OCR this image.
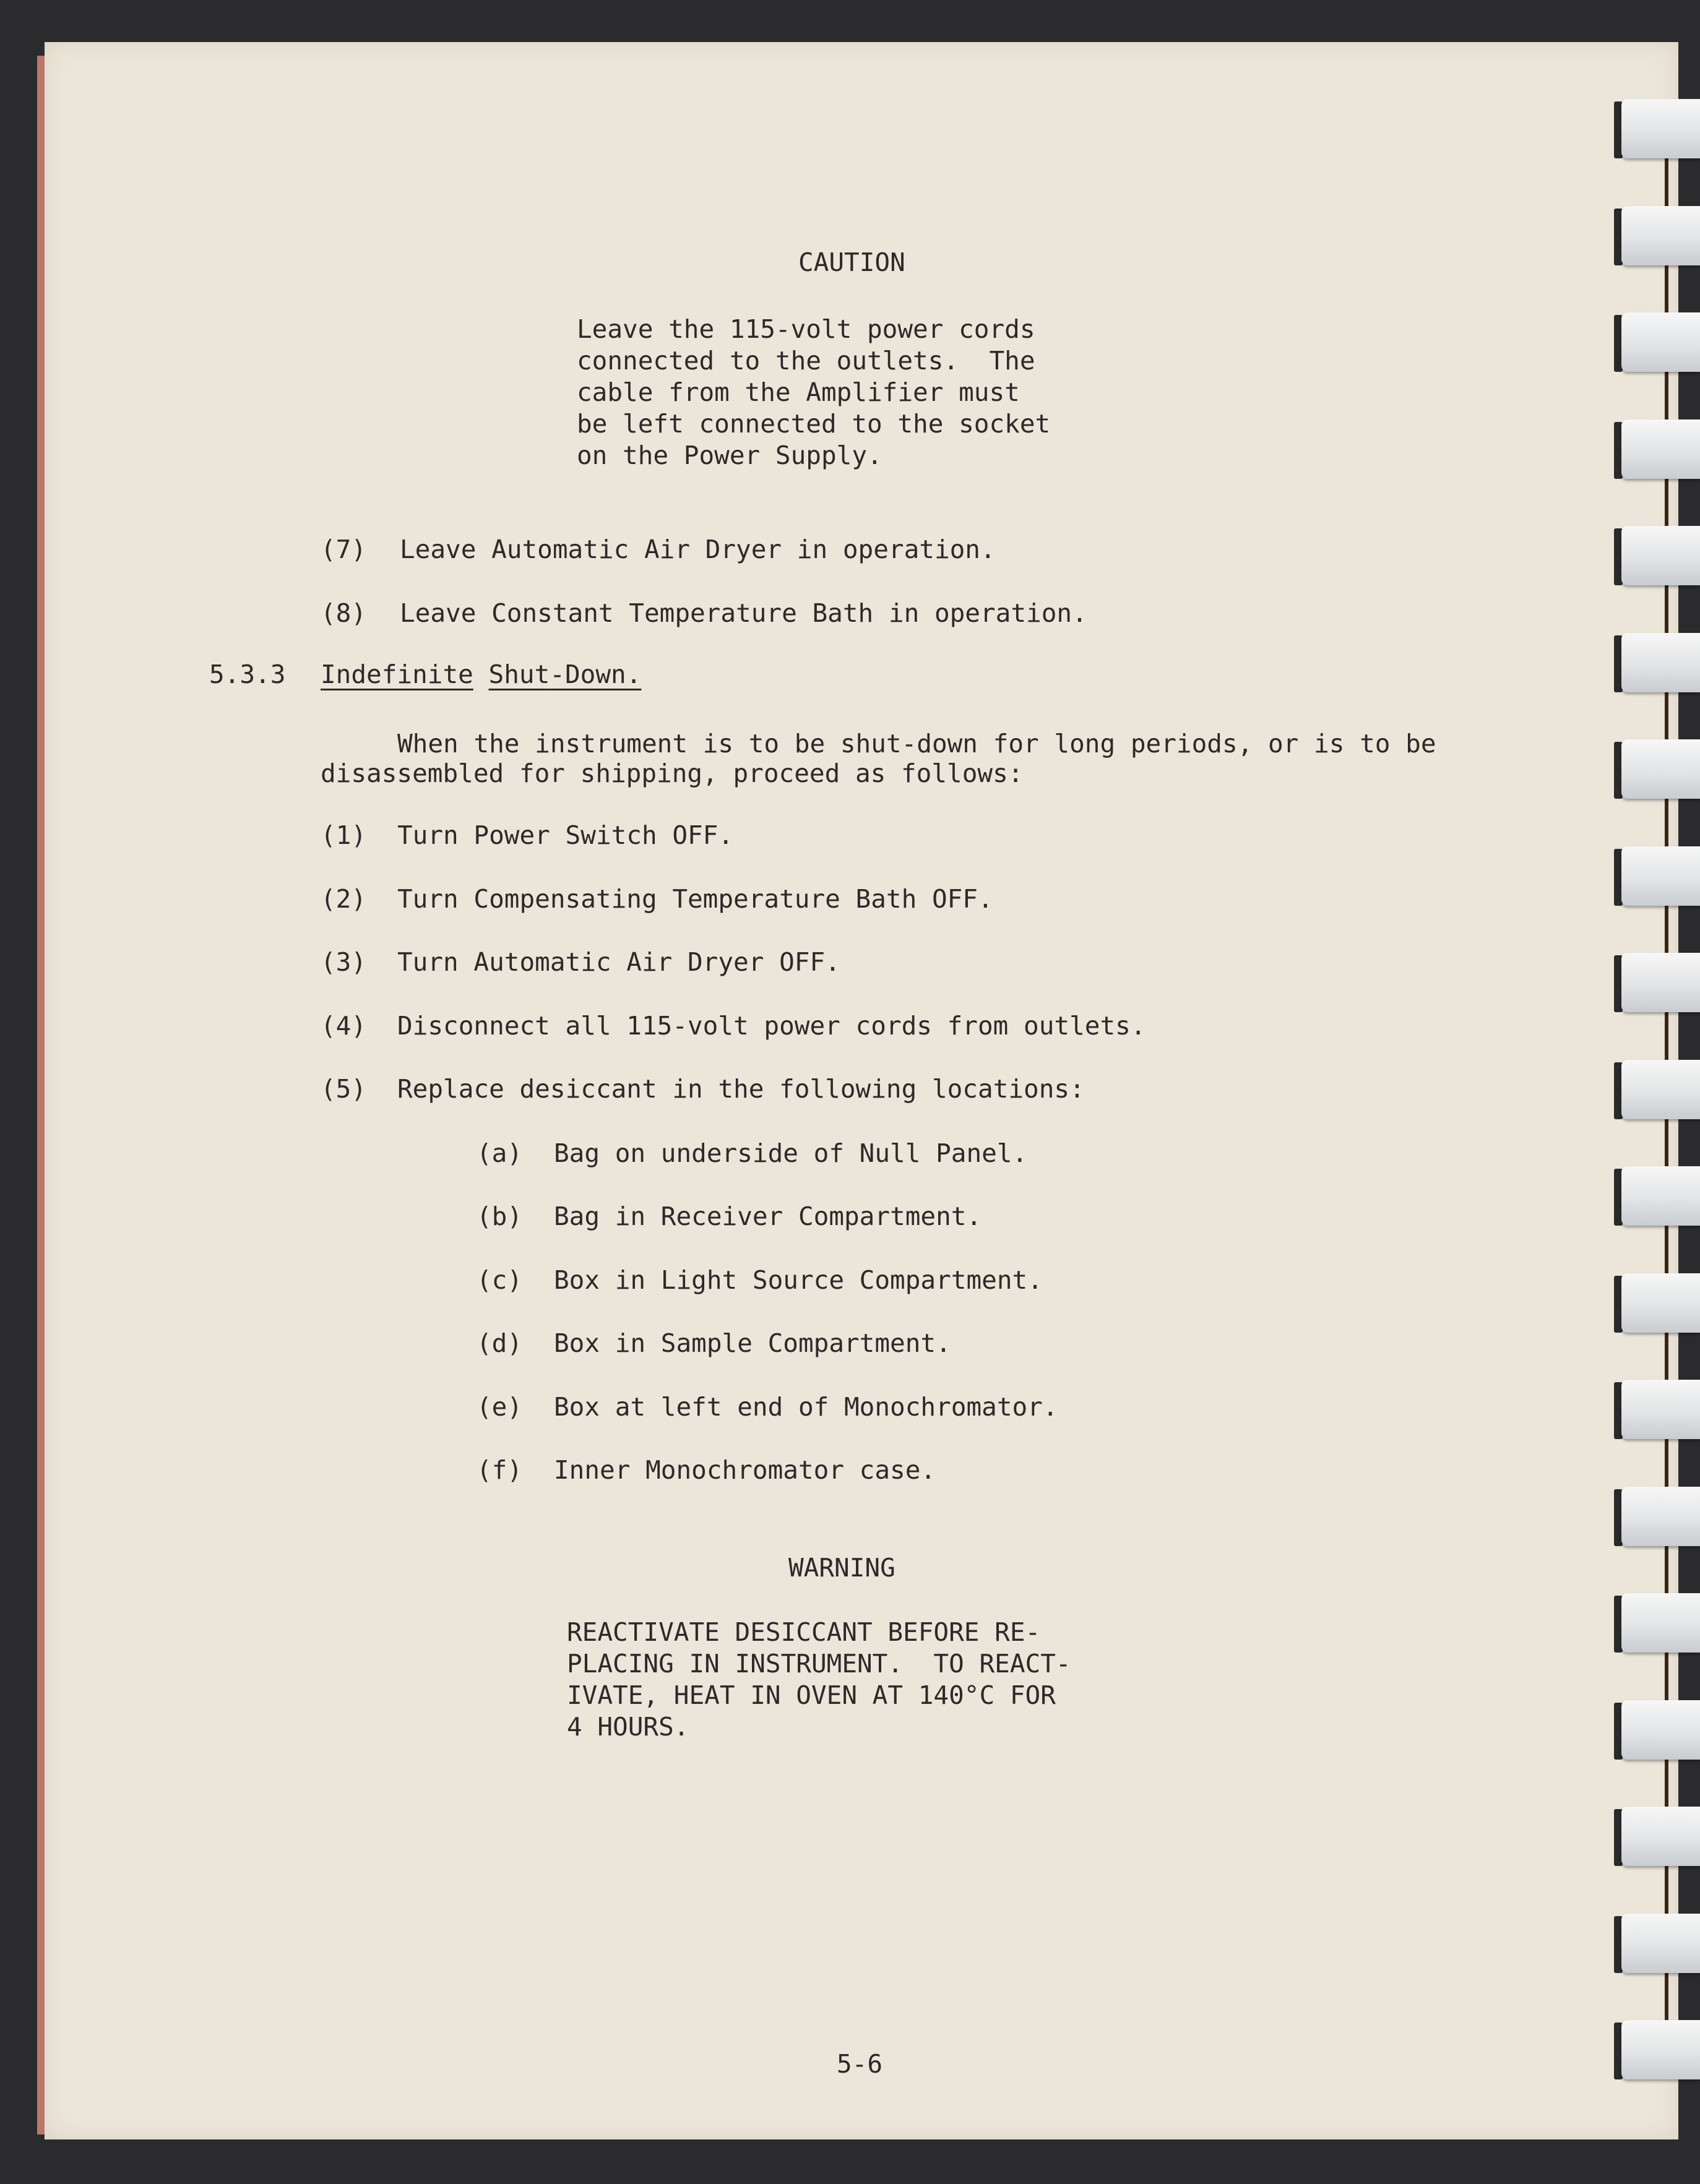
CAUTION

Leave the 115-volt power cords

connected to the outlets.  The

cable from the Amplifier must

be left connected to the socket

on the Power Supply.

(7) Leave Automatic Air Dryer in operation.

(8) Leave Constant Temperature Bath in operation.

5.3.3 Indefinite Shut-Down.

When the instrument is to be shut-down for long periods, or is to be

disassembled for shipping, proceed as follows:

(1) Turn Power Switch OFF.

(2) Turn Compensating Temperature Bath OFF.

(3) Turn Automatic Air Dryer OFF.

(4) Disconnect all 115-volt power cords from outlets.

(5) Replace desiccant in the following locations:

(a) Bag on underside of Null Panel.

(b) Bag in Receiver Compartment.

(c) Box in Light Source Compartment.

(d) Box in Sample Compartment.

(e) Box at left end of Monochromator.

(f) Inner Monochromator case.

WARNING

REACTIVATE DESICCANT BEFORE RE-

PLACING IN INSTRUMENT.  TO REACT-

IVATE, HEAT IN OVEN AT 140°C FOR

4 HOURS.

5-6
